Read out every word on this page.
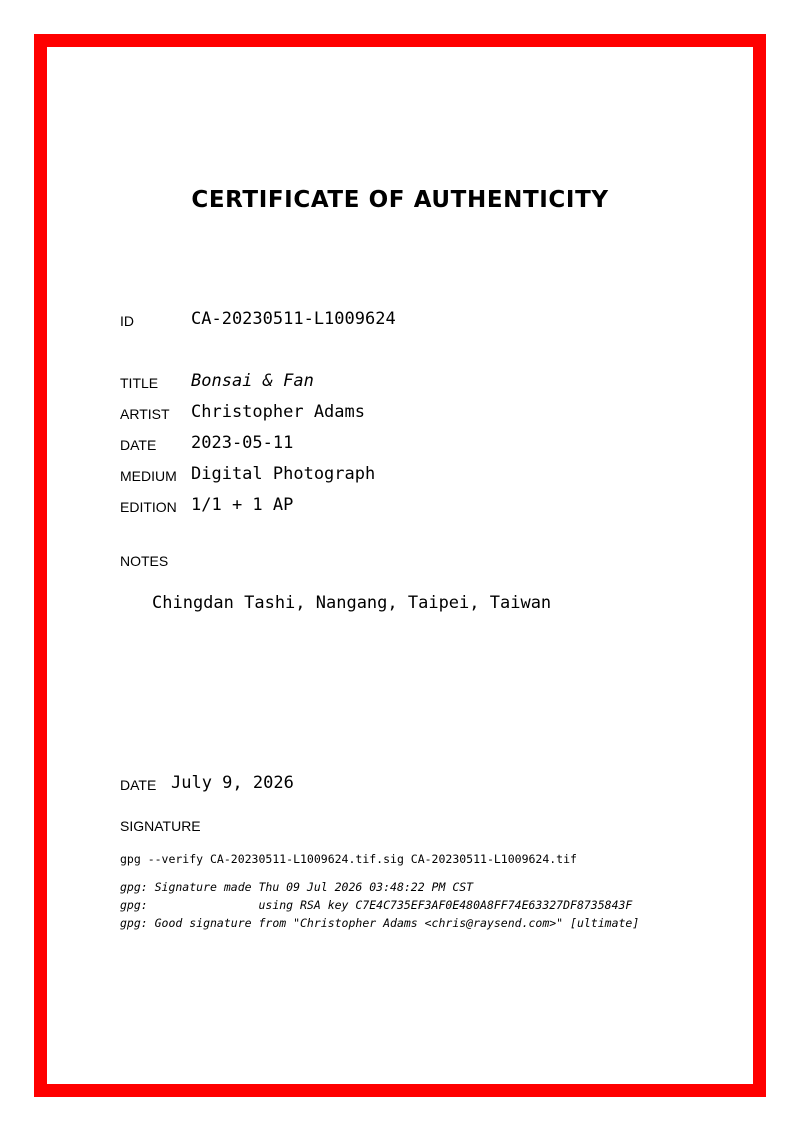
CERTIFICATE OF AUTHENTICITY
ID	CA-20230511-L1009624
TITLE Bonsai & Fan
ARTIST Christopher Adams
DATE 2023-05-11
MEDIUM Digital Photograph
EDITION 1/1 + 1 AP
NOTES
Chingdan Tashi, Nangang, Taipei, Taiwan
DATE July 9, 2026
SIGNATURE
gpg --verify CA-20230511-L1009624.tif.sig CA-20230511-L1009624.tif
gpg: Signature made Thu 09 Jul 2026 03:48:22 PM CST
gpg:                using RSA key C7E4C735EF3AF0E480A8FF74E63327DF8735843F
gpg: Good signature from "Christopher Adams <chris@raysend.com>" [ultimate]
